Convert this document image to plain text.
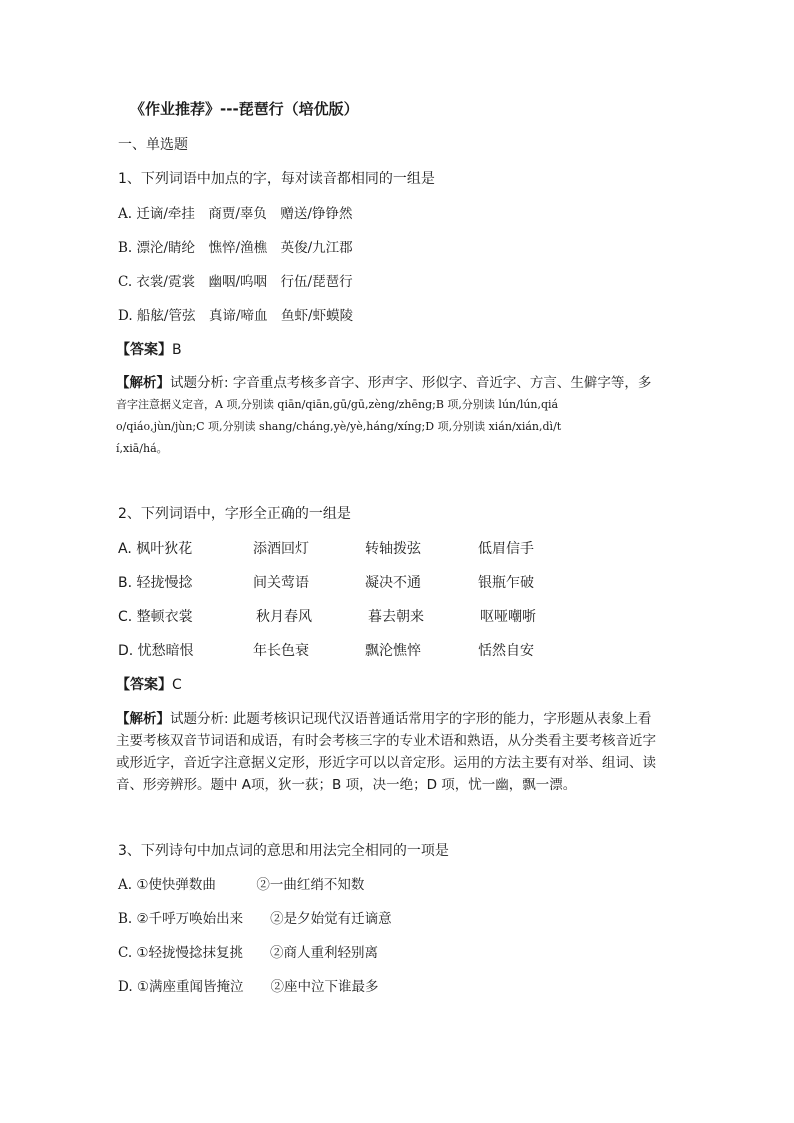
《作业推荐》---琵琶行（培优版）
一、单选题
1、下列词语中加点的字，每对读音都相同的一组是
A. 迁谪/牵挂　商贾/辜负　赠送/铮铮然
B. 漂沦/睛纶　憔悴/渔樵　英俊/九江郡
C. 衣裳/霓裳　幽咽/呜咽　行伍/琵琶行
D. 船舷/管弦　真谛/啼血　鱼虾/虾蟆陵
【答案】B
【解析】试题分析: 字音重点考核多音字、形声字、形似字、音近字、方言、生僻字等，多
音字注意据义定音，A 项,分别读 qiān/qiān,gū/gū,zèng/zhēng;B 项,分别读 lún/lún,qiá
o/qiáo,jùn/jùn;C 项,分别读 shang/cháng,yè/yè,háng/xíng;D 项,分别读 xián/xián,dì/t
í,xiā/há。
2、下列词语中，字形全正确的一组是
A. 枫叶狄花	添酒回灯	转轴拨弦	低眉信手
B. 轻拢慢捻	间关莺语	凝决不通	银瓶乍破
C. 整顿衣裳	秋月春风	暮去朝来	呕哑嘲哳
D. 忧愁暗恨	年长色衰	飘沦憔悴	恬然自安
【答案】C
【解析】试题分析: 此题考核识记现代汉语普通话常用字的字形的能力，字形题从表象上看
主要考核双音节词语和成语，有时会考核三字的专业术语和熟语，从分类看主要考核音近字
或形近字，音近字注意据义定形，形近字可以以音定形。运用的方法主要有对举、组词、读
音、形旁辨形。题中 A项，狄一荻；B 项，决一绝；D 项，忧一幽，飘一漂。
3、下列诗句中加点词的意思和用法完全相同的一项是
A. ①使快弹数曲　　　②一曲红绡不知数
B. ②千呼万唤始出来　　②是夕始觉有迁谪意
C. ①轻拢慢捻抹复挑　　②商人重利轻别离
D. ①满座重闻皆掩泣　　②座中泣下谁最多
